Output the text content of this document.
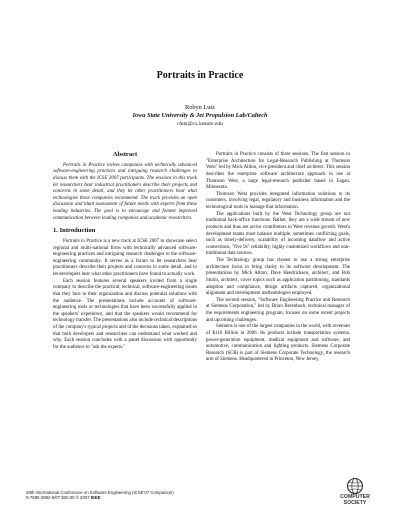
Portraits in Practice
Robyn Lutz
Iowa State University & Jet Propulsion Lab/Caltech
rlutz@cs.iastate.edu
Abstract

Portraits in Practice invites companies with technically advanced software-engineering practices and intriguing research challenges to discuss them with the ICSE 2007 participants. The sessions in this track let researchers hear industrial practitioners describe their projects and concerns in some detail, and they let other practitioners hear what technologies these companies recommend. The track provides an open discussion and blunt assessment of future needs with experts from these leading industries. The goal is to encourage and foment improved communication between leading companies and academic researchers.

1. Introduction

Portraits in Practice is a new track at ICSE 2007 to showcase select regional and multi-national firms with technically advanced software-engineering practices and intriguing research challenges to the software-engineering community. It serves as a forum to let researchers hear practitioners describe their projects and concerns in some detail, and to let developers hear what other practitioners have found to actually work.

Each session features several speakers invited from a single company to describe the practical, technical, software-engineering issues that they face in their organization and discuss potential solutions with the audience. The presentations include accounts of software-engineering tools or technologies that have been successfully applied in the speakers' experience, and that the speakers would recommend for technology transfer. The presentations also include technical descriptions of the company's typical projects and of the decisions taken, explained so that both developers and researchers can understand what worked and why. Each session concludes with a panel discussion with opportunity for the audience to "ask the experts."

Portraits in Practice consists of three sessions. The first session in "Enterprise Architecture for Legal-Research Publishing at Thomson West" led by Mick Allton, vice president and chief architect. This session describes the enterprise software architecture approach in use at Thomson West, a large legal-research publisher based in Eagan, Minnesota.

Thomson West provides integrated information solutions to its customers, involving legal, regulatory and business information and the technological tools to manage that information.

The applications built by the West Technology group are not traditional back-office functions. Rather, they are a wide stream of new products and thus are active contributors to West revenue growth. West's development teams must balance multiple, sometimes conflicting goals, such as timely-delivery, scalability of incoming dataflow and active connections, "five 9s" reliability, highly customized workflows and non-traditional data sources.

The Technology group has chosen to use a strong enterprise architecture focus to bring clarity to its software development. The presentations by Mick Allton, Dave Hendricksen, architect, and Bob Sturm, architect, cover topics such as application partitioning, standards adoption and compliance, design artifacts captured, organizational alignment and development methodologies employed.

The second session, "Software Engineering Practice and Research at Siemens Corporation," led by Brian Berenbach, technical manager of the requirements engineering program, focuses on some recent projects and upcoming challenges.

Siemens is one of the largest companies in the world, with revenues of $110 Billion in 2006. Its products include transportation systems, power-generation equipment, medical equipment and software, and automotive, communication and lighting products. Siemens Corporate Research (SCR) is part of Siemens Corporate Technology, the research arm of Siemens. Headquartered in Princeton, New Jersey,

29th International Conference on Software Engineering (ICSE'07 Companion)
0-7695-2892-9/07 $20.00 © 2007 IEEE	COMPUTER
SOCIETY
